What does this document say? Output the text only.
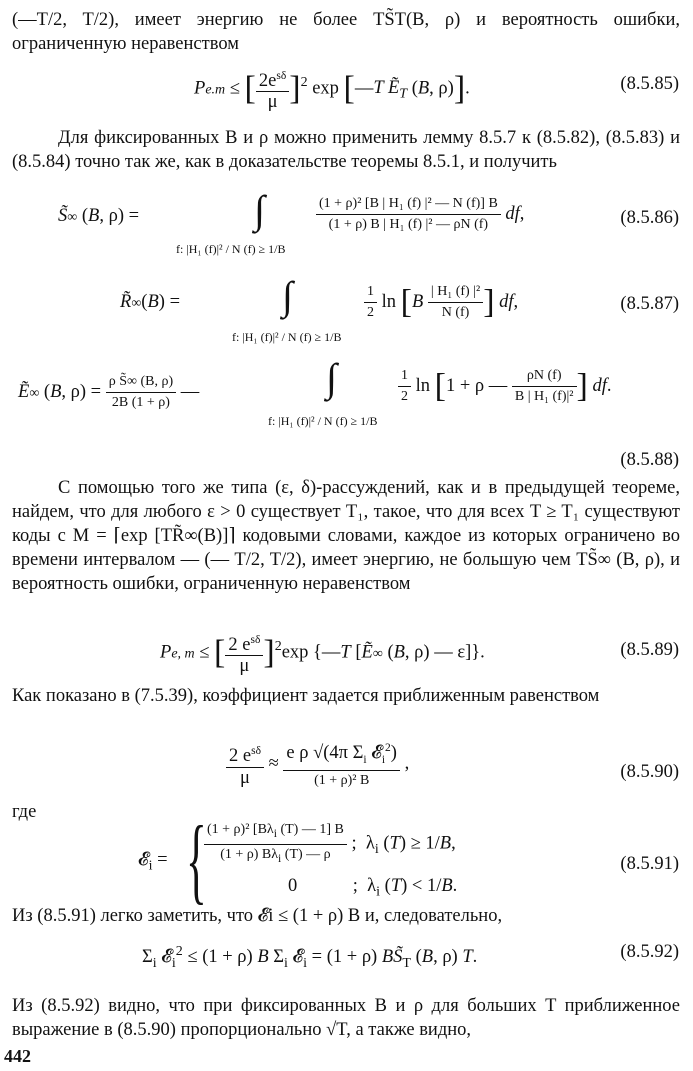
(—T/2, T/2), имеет энергию не более TS̃T(B, ρ) и вероятность ошибки, ограниченную неравенством
Pe.m ≤ [ $2e^{s\delta}$
μ ]$^2$ exp [—T Ẽ$_T$ (B, ρ)].	(8.5.85)
Для фиксированных B и ρ можно применить лемму 8.5.7 к (8.5.82), (8.5.83) и (8.5.84) точно так же, как в доказательстве теоремы 8.5.1, и получить
S̃∞ (B, ρ) =	∫
f: |H₁ (f)|² / N (f) ≥ 1/B
$\frac{\text{(1 + ρ)² [B | H₁ (f) |² — N (f)] B}}{\text{(1 + ρ) B | H₁ (f) |² — ρN (f)}}$ df,	(8.5.86)
R̃∞(B) =	∫
f: |H₁ (f)|² / N (f) ≥ 1/B
$\frac{1}{2}$ $\ln [B \frac{\text{| H₁ (f) |²}}{N (f)}$ ] df,	(8.5.87)
Ẽ∞ (B, $\rho) = \frac{\text{ρ S̃∞ (B, ρ)}}{2B (1 + \rho)}$ —	∫
f: |H₁ (f)|² / N (f) ≥ 1/B
$\frac{1}{2}$ ln [1 + ρ — $\frac{\rho N (f)}{\text{B | H₁ (f)|²}}$ ] df.
(8.5.88)
С помощью того же типа (ε, δ)-рассуждений, как и в предыдущей теореме, найдем, что для любого ε > 0 существует T₁, такое, что для всех T ≥ T₁ существуют коды с M = ⌈exp [TR̃∞(B)]⌉ кодовыми словами, каждое из которых ограничено во времени интервалом — (— T/2, T/2), имеет энергию, не большую чем TS̃∞ (B, ρ), и вероятность ошибки, ограниченную неравенством
Pe, m ≤ [ 2 $e^{s\delta}$
μ ]$^2$exp {—T [Ẽ∞ (B, ρ) — ε]}.	(8.5.89)
Как показано в (7.5.39), коэффициент задается приближенным равенством
2 $e^{s\delta}$
μ
≈
e ρ √(4π $\Sigma_i$ 𝓔$_i^2$)
(1 + ρ)² B
,	(8.5.90)
где
𝓔$_i$ = { (1 + ρ)² [$B\lambda_i$ (T) — 1] B
(1 + ρ) $B\lambda_i$ (T) — ρ
;  $\lambda_i$ (T) ≥ 1/B,
0            ;  $\lambda_i$ (T) < 1/B.
(8.5.91)
Из (8.5.91) легко заметить, что 𝓔i ≤ (1 + ρ) B и, следовательно,
$\Sigma_i$ 𝓔$_i^2$ ≤ (1 + ρ) B $\Sigma_i$ 𝓔$_i$ = (1 + ρ) $BS̃_T$ (B, ρ) T.	(8.5.92)
Из (8.5.92) видно, что при фиксированных B и ρ для больших T приближенное выражение в (8.5.90) пропорционально √T, а также видно,
442
